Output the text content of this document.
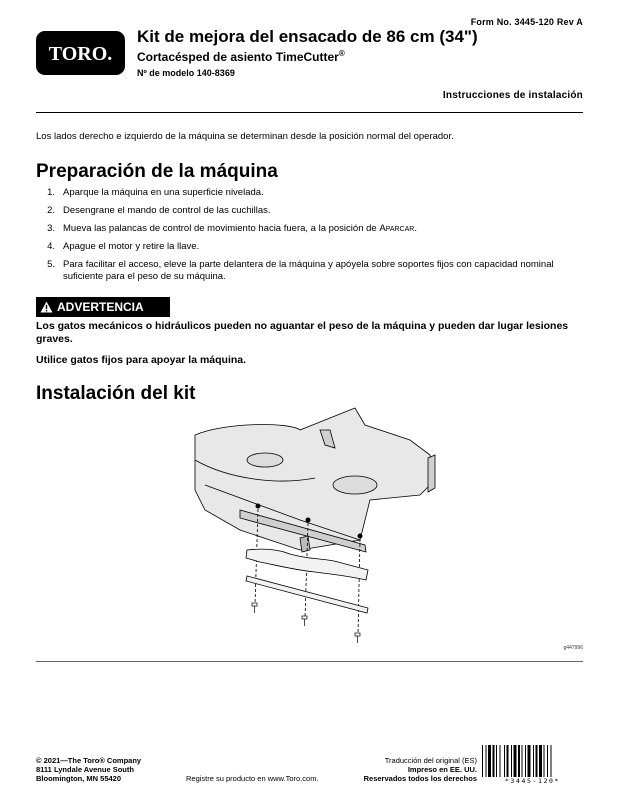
Form No. 3445-120 Rev A
TORO.
Kit de mejora del ensacado de 86 cm (34")
Cortacésped de asiento TimeCutter®
Nº de modelo 140-8369
Instrucciones de instalación
Los lados derecho e izquierdo de la máquina se determinan desde la posición normal del operador.
Preparación de la máquina
1. Aparque la máquina en una superficie nivelada.
2. Desengrane el mando de control de las cuchillas.
3. Mueva las palancas de control de movimiento hacia fuera, a la posición de Aparcar.
4. Apague el motor y retire la llave.
5. Para facilitar el acceso, eleve la parte delantera de la máquina y apóyela sobre soportes fijos con capacidad nominal suficiente para el peso de su máquina.
ADVERTENCIA
Los gatos mecánicos o hidráulicos pueden no aguantar el peso de la máquina y pueden dar lugar lesiones graves.
Utilice gatos fijos para apoyar la máquina.
Instalación del kit
g447996
© 2021—The Toro® Company
8111 Lyndale Avenue South
Bloomington, MN 55420	Registre su producto en www.Toro.com.
Traducción del original (ES)
Impreso en EE. UU.
Reservados todos los derechos	*3445-120*
